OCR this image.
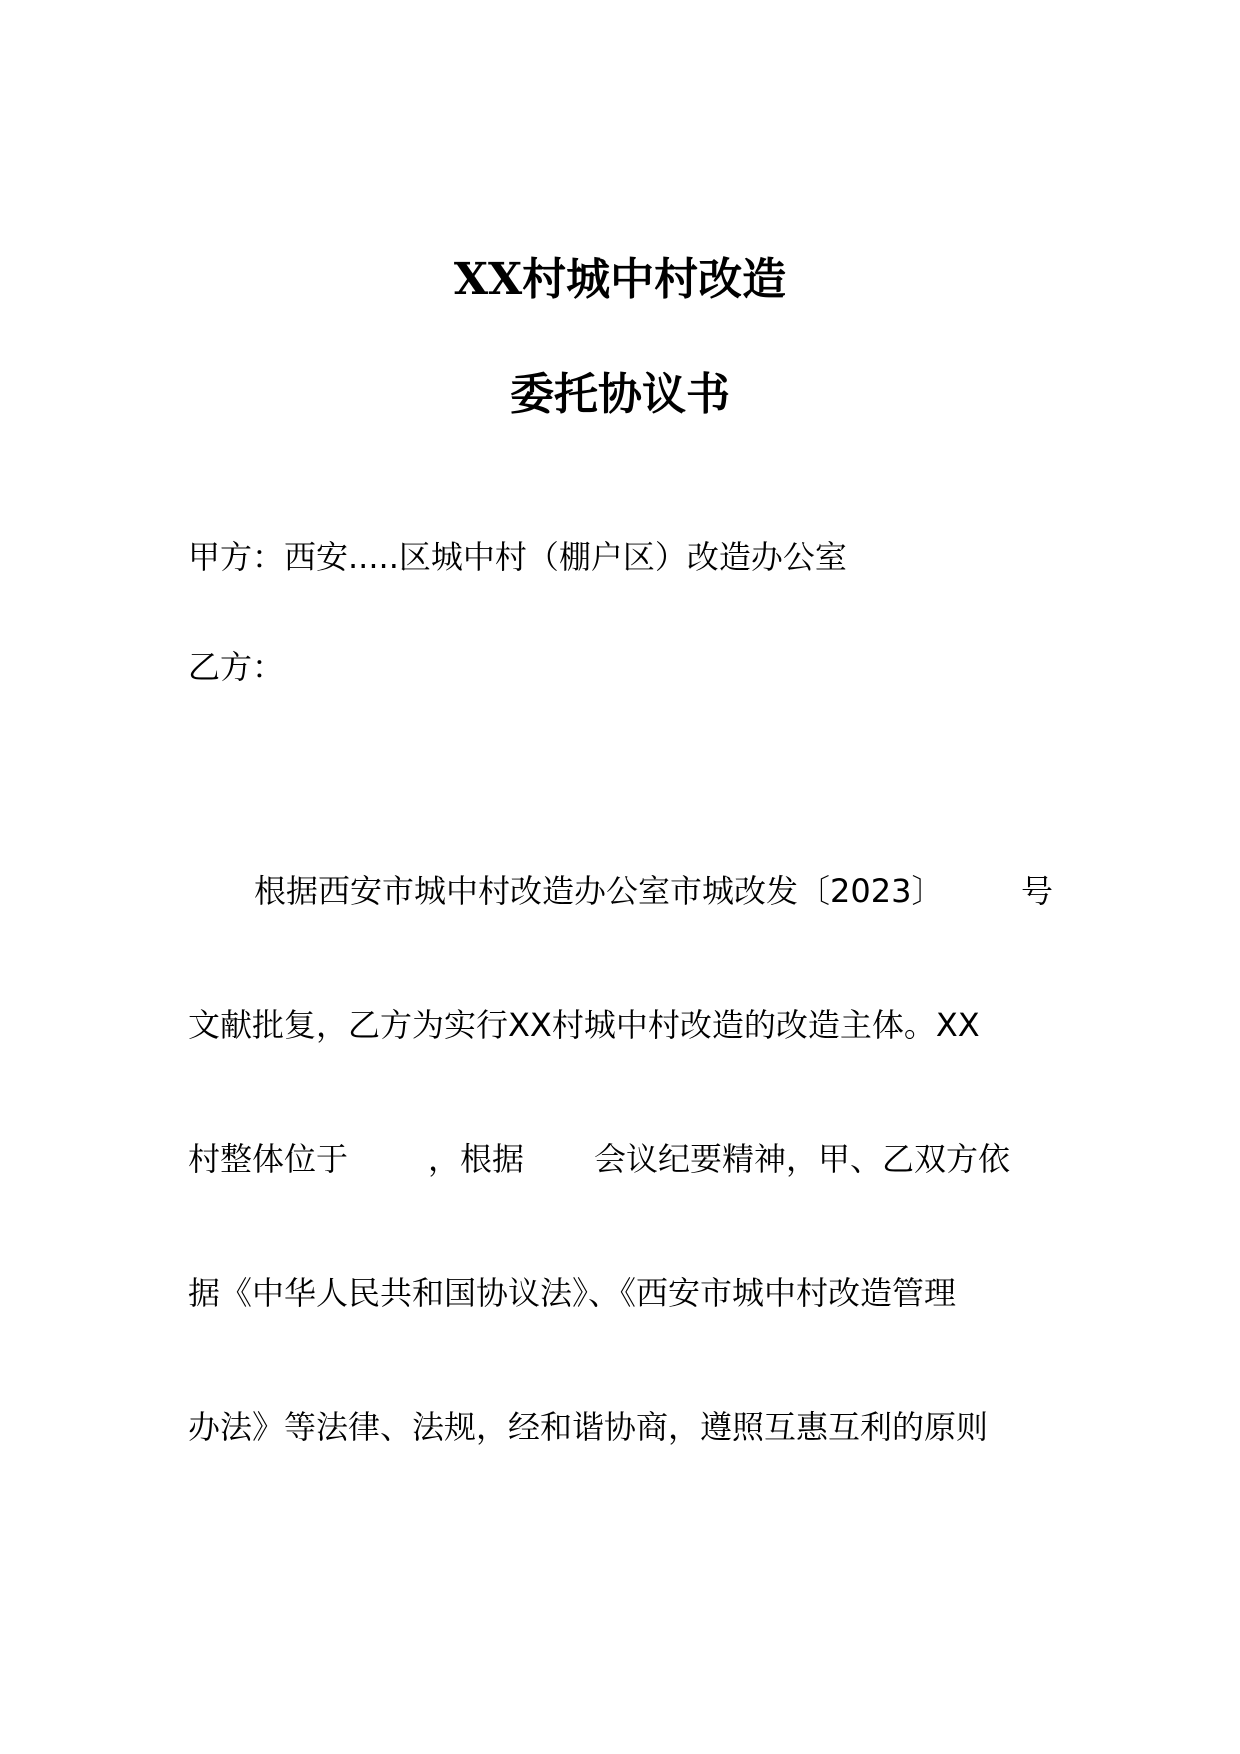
XX村城中村改造
委托协议书
甲方：西安.....区城中村（棚户区）改造办公室
乙方：
根据西安市城中村改造办公室市城改发〔2023〕 号
文献批复，乙方为实行XX村城中村改造的改造主体。XX
村整体位于	，根据 会议纪要精神，甲、乙双方依
据《中华人民共和国协议法》、《西安市城中村改造管理
办法》等法律、法规，经和谐协商，遵照互惠互利的原则
